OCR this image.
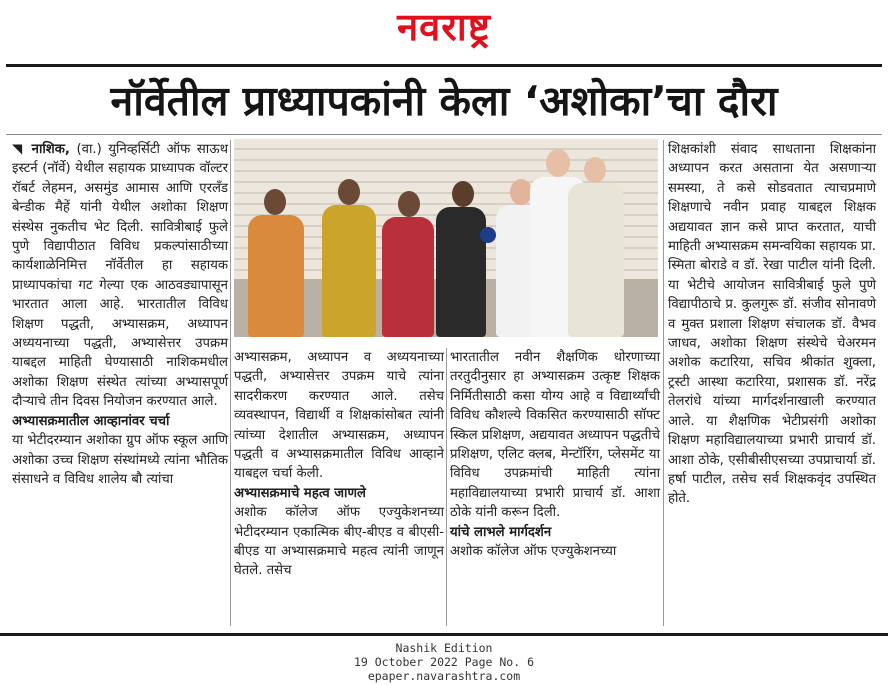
नवराष्ट्र
नॉर्वेतील प्राध्यापकांनी केला ‘अशोका’चा दौरा

◥ नाशिक, (वा.) युनिव्हर्सिटी ऑफ साऊथ इस्टर्न (नॉर्वे) येथील सहायक प्राध्यापक वॉल्टर रॉबर्ट लेहमन, असमुंड आमास आणि एरलँड बेन्डीक मैहें यांनी येथील अशोका शिक्षण संस्थेस नुकतीच भेट दिली. सावित्रीबाई फुले पुणे विद्यापीठात विविध प्रकल्पांसाठीच्या कार्यशाळेनिमित्त नॉर्वेतील हा सहायक प्राध्यापकांचा गट गेल्या एक आठवड्यापासून भारतात आला आहे. भारतातील विविध शिक्षण पद्धती, अभ्यासक्रम, अध्यापन अध्ययनाच्या पद्धती, अभ्यासेत्तर उपक्रम याबद्दल माहिती घेण्यासाठी नाशिकमधील अशोका शिक्षण संस्थेत त्यांच्या अभ्यासपूर्ण दौऱ्याचे तीन दिवस नियोजन करण्यात आले.

अभ्यासक्रमातील आव्हानांवर चर्चा

या भेटीदरम्यान अशोका ग्रुप ऑफ स्कूल आणि अशोका उच्च शिक्षण संस्थांमध्ये त्यांना भौतिक संसाधने व विविध शालेय बौ त्यांचा

अभ्यासक्रम, अध्यापन व अध्ययनाच्या पद्धती, अभ्यासेत्तर उपक्रम याचे त्यांना सादरीकरण करण्यात आले. तसेच व्यवस्थापन, विद्यार्थी व शिक्षकांसोबत त्यांनी त्यांच्या देशातील अभ्यासक्रम, अध्यापन पद्धती व अभ्यासक्रमातील विविध आव्हाने याबद्दल चर्चा केली.

अभ्यासक्रमाचे महत्व जाणले

अशोक कॉलेज ऑफ एज्युकेशनच्या भेटीदरम्यान एकात्मिक बीए-बीएड व बीएसी-बीएड या अभ्यासक्रमाचे महत्व त्यांनी जाणून घेतले. तसेच

भारतातील नवीन शैक्षणिक धोरणाच्या तरतुदीनुसार हा अभ्यासक्रम उत्कृष्ट शिक्षक निर्मितीसाठी कसा योग्य आहे व विद्यार्थ्यांची विविध कौशल्ये विकसित करण्यासाठी सॉफ्ट स्किल प्रशिक्षण, अद्ययावत अध्यापन पद्धतीचे प्रशिक्षण, एलिट क्लब, मेन्टॉरिंग, प्लेसमेंट या विविध उपक्रमांची माहिती त्यांना महाविद्यालयाच्या प्रभारी प्राचार्य डॉ. आशा ठोके यांनी करून दिली.

यांचे लाभले मार्गदर्शन

अशोक कॉलेज ऑफ एज्युकेशनच्या

शिक्षकांशी संवाद साधताना शिक्षकांना अध्यापन करत असताना येत असणाऱ्या समस्या, ते कसे सोडवतात त्याचप्रमाणे शिक्षणाचे नवीन प्रवाह याबद्दल शिक्षक अद्ययावत ज्ञान कसे प्राप्त करतात, याची माहिती अभ्यासक्रम समन्वयिका सहायक प्रा. स्मिता बोराडे व डॉ. रेखा पाटील यांनी दिली. या भेटीचे आयोजन सावित्रीबाई फुले पुणे विद्यापीठाचे प्र. कुलगुरू डॉ. संजीव सोनावणे व मुक्त प्रशाला शिक्षण संचालक डॉ. वैभव जाधव, अशोका शिक्षण संस्थेचे चेअरमन अशोक कटारिया, सचिव श्रीकांत शुक्ला, ट्रस्टी आस्था कटारिया, प्रशासक डॉ. नरेंद्र तेलरांधे यांच्या मार्गदर्शनाखाली करण्यात आले. या शैक्षणिक भेटीप्रसंगी अशोका शिक्षण महाविद्यालयाच्या प्रभारी प्राचार्य डॉ. आशा ठोके, एसीबीसीएसच्या उपप्राचार्या डॉ. हर्षा पाटील, तसेच सर्व शिक्षकवृंद उपस्थित होते.

Nashik Edition
19 October 2022 Page No. 6
epaper.navarashtra.com
